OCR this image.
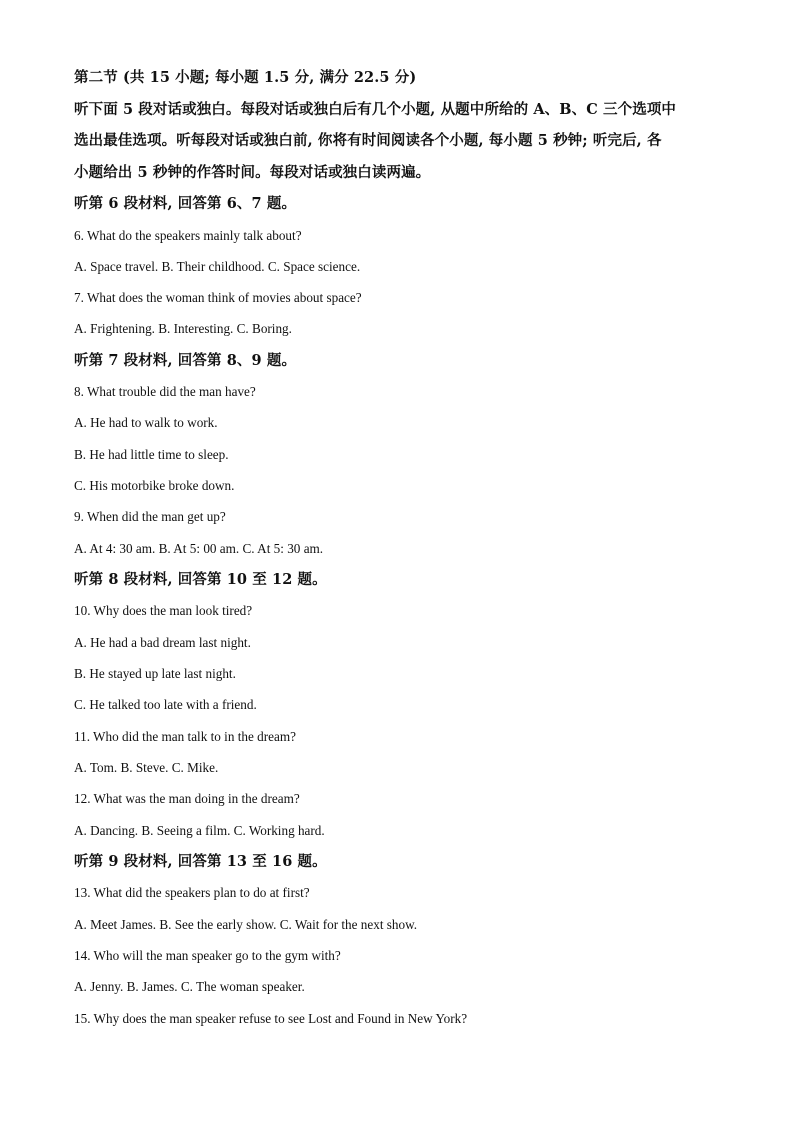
第二节 (共 15 小题; 每小题 1.5 分, 满分 22.5 分)
听下面 5 段对话或独白。每段对话或独白后有几个小题, 从题中所给的 A、B、C 三个选项中
选出最佳选项。听每段对话或独白前, 你将有时间阅读各个小题, 每小题 5 秒钟; 听完后, 各
小题给出 5 秒钟的作答时间。每段对话或独白读两遍。
听第 6 段材料, 回答第 6、7 题。
6. What do the speakers mainly talk about?
A. Space travel. B. Their childhood. C. Space science.
7. What does the woman think of movies about space?
A. Frightening. B. Interesting. C. Boring.
听第 7 段材料, 回答第 8、9 题。
8. What trouble did the man have?
A. He had to walk to work.
B. He had little time to sleep.
C. His motorbike broke down.
9. When did the man get up?
A. At 4: 30 am. B. At 5: 00 am. C. At 5: 30 am.
听第 8 段材料, 回答第 10 至 12 题。
10. Why does the man look tired?
A. He had a bad dream last night.
B. He stayed up late last night.
C. He talked too late with a friend.
11. Who did the man talk to in the dream?
A. Tom. B. Steve. C. Mike.
12. What was the man doing in the dream?
A. Dancing. B. Seeing a film. C. Working hard.
听第 9 段材料, 回答第 13 至 16 题。
13. What did the speakers plan to do at first?
A. Meet James. B. See the early show. C. Wait for the next show.
14. Who will the man speaker go to the gym with?
A. Jenny. B. James. C. The woman speaker.
15. Why does the man speaker refuse to see Lost and Found in New York?
